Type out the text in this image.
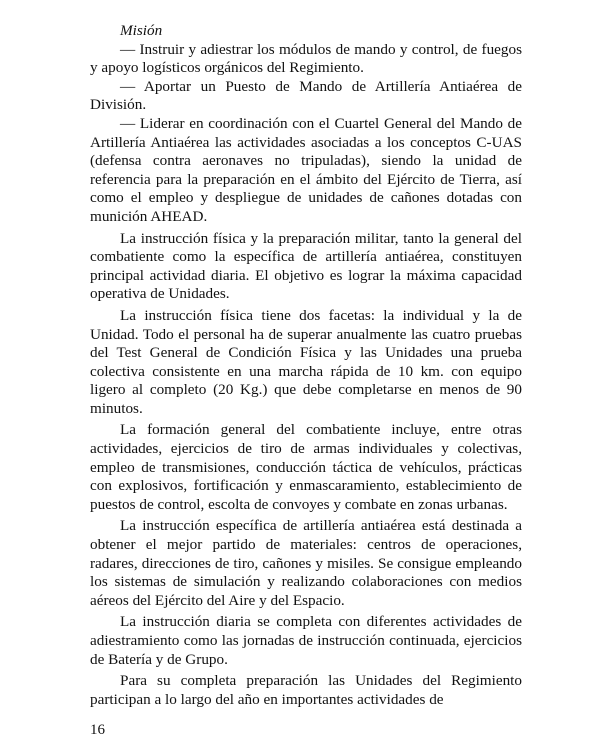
Misión

— Instruir y adiestrar los módulos de mando y control, de fuegos y apoyo logísticos orgánicos del Regimiento.

— Aportar un Puesto de Mando de Artillería Antiaérea de División.

— Liderar en coordinación con el Cuartel General del Mando de Artillería Antiaérea las actividades asociadas a los conceptos C-UAS (defensa contra aeronaves no tripuladas), siendo la unidad de referencia para la preparación en el ámbito del Ejército de Tierra, así como el empleo y despliegue de unidades de cañones dotadas con munición AHEAD.

La instrucción física y la preparación militar, tanto la general del combatiente como la específica de artillería antiaérea, constituyen principal actividad diaria. El objetivo es lograr la máxima capacidad operativa de Unidades.

La instrucción física tiene dos facetas: la individual y la de Unidad. Todo el personal ha de superar anualmente las cuatro pruebas del Test General de Condición Física y las Unidades una prueba colectiva consistente en una marcha rápida de 10 km. con equipo ligero al completo (20 Kg.) que debe completarse en menos de 90 minutos.

La formación general del combatiente incluye, entre otras actividades, ejercicios de tiro de armas individuales y colectivas, empleo de transmisiones, conducción táctica de vehículos, prácticas con explosivos, fortificación y enmascaramiento, establecimiento de puestos de control, escolta de convoyes y combate en zonas urbanas.

La instrucción específica de artillería antiaérea está destinada a obtener el mejor partido de materiales: centros de operaciones, radares, direcciones de tiro, cañones y misiles. Se consigue empleando los sistemas de simulación y realizando colaboraciones con medios aéreos del Ejército del Aire y del Espacio.

La instrucción diaria se completa con diferentes actividades de adiestramiento como las jornadas de instrucción continuada, ejercicios de Batería y de Grupo.

Para su completa preparación las Unidades del Regimiento participan a lo largo del año en importantes actividades de

16
